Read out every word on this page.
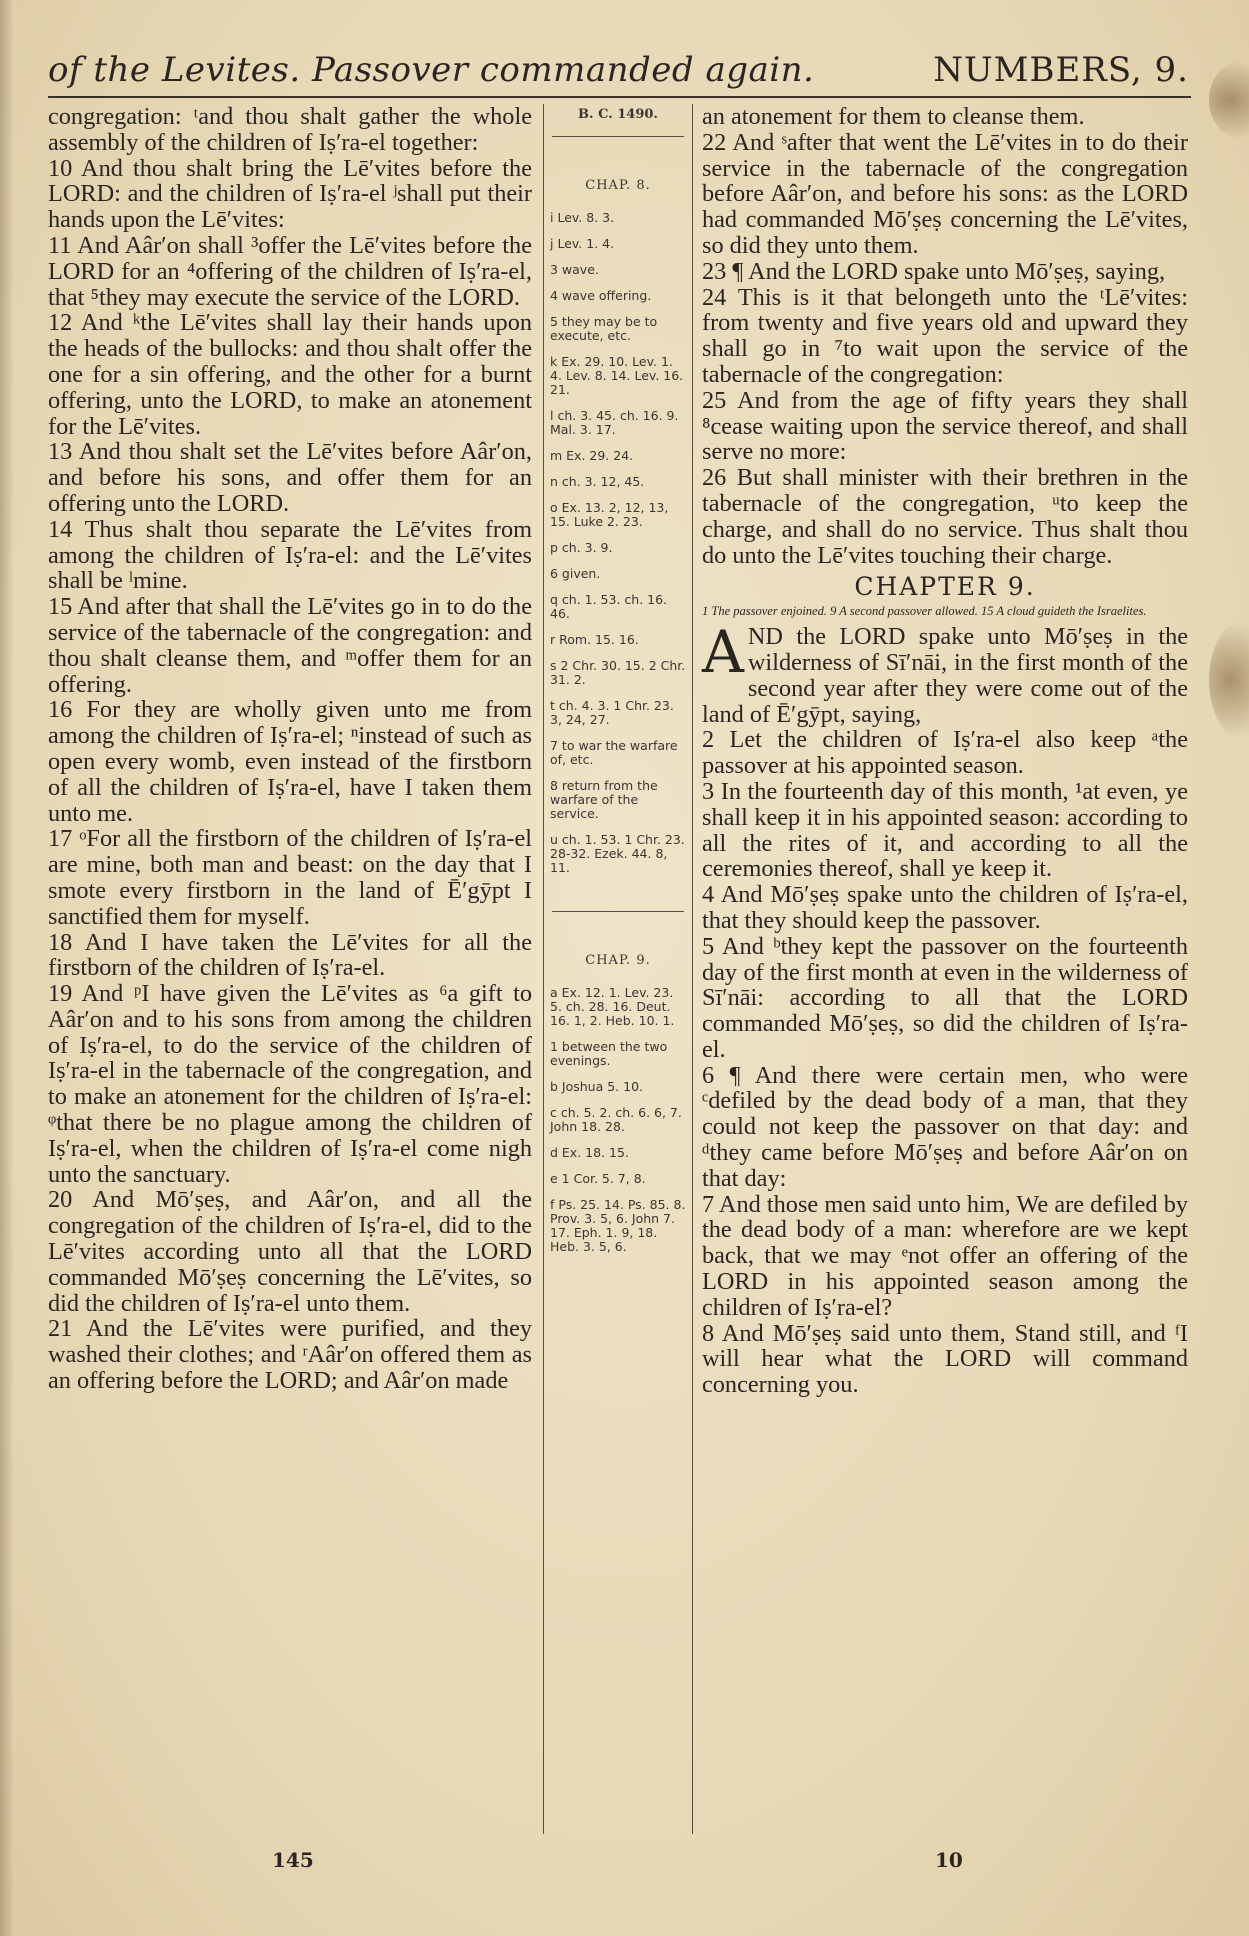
of the Levites. Passover commanded again.	NUMBERS, 9.

congregation: ᵗand thou shalt gather the whole assembly of the children of Iṣ′ra-el together:

10 And thou shalt bring the Lē′vites before the LORD: and the children of Iṣ′ra-el ʲshall put their hands upon the Lē′vites:

11 And Aâr′on shall ³offer the Lē′vites before the LORD for an ⁴offering of the children of Iṣ′ra-el, that ⁵they may execute the service of the LORD.

12 And ᵏthe Lē′vites shall lay their hands upon the heads of the bullocks: and thou shalt offer the one for a sin offering, and the other for a burnt offering, unto the LORD, to make an atonement for the Lē′vites.

13 And thou shalt set the Lē′vites before Aâr′on, and before his sons, and offer them for an offering unto the LORD.

14 Thus shalt thou separate the Lē′vites from among the children of Iṣ′ra-el: and the Lē′vites shall be ˡmine.

15 And after that shall the Lē′vites go in to do the service of the tabernacle of the congregation: and thou shalt cleanse them, and ᵐoffer them for an offering.

16 For they are wholly given unto me from among the children of Iṣ′ra-el; ⁿinstead of such as open every womb, even instead of the firstborn of all the children of Iṣ′ra-el, have I taken them unto me.

17 ᵒFor all the firstborn of the children of Iṣ′ra-el are mine, both man and beast: on the day that I smote every firstborn in the land of Ē′gȳpt I sanctified them for myself.

18 And I have taken the Lē′vites for all the firstborn of the children of Iṣ′ra-el.

19 And ᵖI have given the Lē′vites as ⁶a gift to Aâr′on and to his sons from among the children of Iṣ′ra-el, to do the service of the children of Iṣ′ra-el in the tabernacle of the congregation, and to make an atonement for the children of Iṣ′ra-el: ᵠthat there be no plague among the children of Iṣ′ra-el, when the children of Iṣ′ra-el come nigh unto the sanctuary.

20 And Mō′ṣeṣ, and Aâr′on, and all the congregation of the children of Iṣ′ra-el, did to the Lē′vites according unto all that the LORD commanded Mō′ṣeṣ concerning the Lē′vites, so did the children of Iṣ′ra-el unto them.

21 And the Lē′vites were purified, and they washed their clothes; and ʳAâr′on offered them as an offering before the LORD; and Aâr′on made

B. C. 1490.
CHAP. 8.
i Lev. 8. 3.
j Lev. 1. 4.
3 wave.
4 wave offering.
5 they may be to execute, etc.
k Ex. 29. 10. Lev. 1. 4. Lev. 8. 14. Lev. 16. 21.
l ch. 3. 45. ch. 16. 9. Mal. 3. 17.
m Ex. 29. 24.
n ch. 3. 12, 45.
o Ex. 13. 2, 12, 13, 15. Luke 2. 23.
p ch. 3. 9.
6 given.
q ch. 1. 53. ch. 16. 46.
r Rom. 15. 16.
s 2 Chr. 30. 15. 2 Chr. 31. 2.
t ch. 4. 3. 1 Chr. 23. 3, 24, 27.
7 to war the warfare of, etc.
8 return from the warfare of the service.
u ch. 1. 53. 1 Chr. 23. 28-32. Ezek. 44. 8, 11.
CHAP. 9.
a Ex. 12. 1. Lev. 23. 5. ch. 28. 16. Deut. 16. 1, 2. Heb. 10. 1.
1 between the two evenings.
b Joshua 5. 10.
c ch. 5. 2. ch. 6. 6, 7. John 18. 28.
d Ex. 18. 15.
e 1 Cor. 5. 7, 8.
f Ps. 25. 14. Ps. 85. 8. Prov. 3. 5, 6. John 7. 17. Eph. 1. 9, 18. Heb. 3. 5, 6.

an atonement for them to cleanse them.

22 And ˢafter that went the Lē′vites in to do their service in the tabernacle of the congregation before Aâr′on, and before his sons: as the LORD had commanded Mō′ṣeṣ concerning the Lē′vites, so did they unto them.

23 ¶ And the LORD spake unto Mō′ṣeṣ, saying,

24 This is it that belongeth unto the ᵗLē′vites: from twenty and five years old and upward they shall go in ⁷to wait upon the service of the tabernacle of the congregation:

25 And from the age of fifty years they shall ⁸cease waiting upon the service thereof, and shall serve no more:

26 But shall minister with their brethren in the tabernacle of the congregation, ᵘto keep the charge, and shall do no service. Thus shalt thou do unto the Lē′vites touching their charge.

CHAPTER 9.
1 The passover enjoined. 9 A second passover allowed. 15 A cloud guideth the Israelites.

AND the LORD spake unto Mō′ṣeṣ in the wilderness of Sī′nāi, in the first month of the second year after they were come out of the land of Ē′gȳpt, saying,

2 Let the children of Iṣ′ra-el also keep ᵃthe passover at his appointed season.

3 In the fourteenth day of this month, ¹at even, ye shall keep it in his appointed season: according to all the rites of it, and according to all the ceremonies thereof, shall ye keep it.

4 And Mō′ṣeṣ spake unto the children of Iṣ′ra-el, that they should keep the passover.

5 And ᵇthey kept the passover on the fourteenth day of the first month at even in the wilderness of Sī′nāi: according to all that the LORD commanded Mō′ṣeṣ, so did the children of Iṣ′ra-el.

6 ¶ And there were certain men, who were ᶜdefiled by the dead body of a man, that they could not keep the passover on that day: and ᵈthey came before Mō′ṣeṣ and before Aâr′on on that day:

7 And those men said unto him, We are defiled by the dead body of a man: wherefore are we kept back, that we may ᵉnot offer an offering of the LORD in his appointed season among the children of Iṣ′ra-el?

8 And Mō′ṣeṣ said unto them, Stand still, and ᶠI will hear what the LORD will command concerning you.

145	10
